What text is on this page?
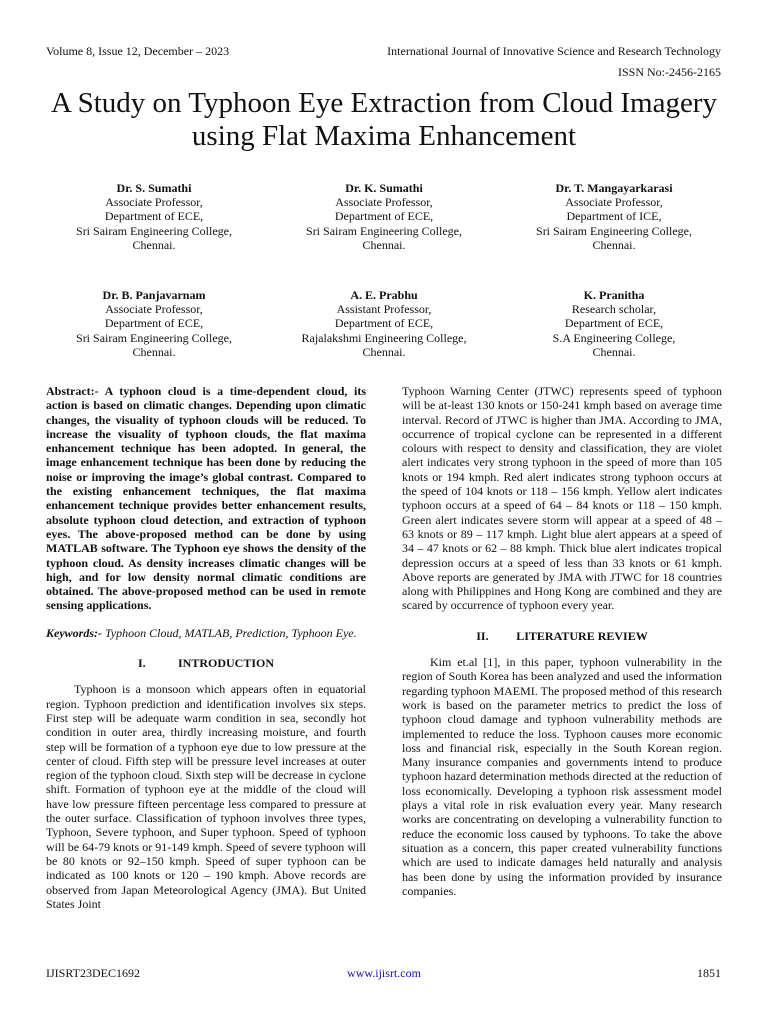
Volume 8, Issue 12, December – 2023	International Journal of Innovative Science and Research Technology
ISSN No:-2456-2165
A Study on Typhoon Eye Extraction from Cloud Imagery using Flat Maxima Enhancement
Dr. S. Sumathi
Associate Professor,
Department of ECE,
Sri Sairam Engineering College,
Chennai.
Dr. K. Sumathi
Associate Professor,
Department of ECE,
Sri Sairam Engineering College,
Chennai.
Dr. T. Mangayarkarasi
Associate Professor,
Department of ICE,
Sri Sairam Engineering College,
Chennai.
Dr. B. Panjavarnam
Associate Professor,
Department of ECE,
Sri Sairam Engineering College,
Chennai.
A. E. Prabhu
Assistant Professor,
Department of ECE,
Rajalakshmi Engineering College,
Chennai.
K. Pranitha
Research scholar,
Department of ECE,
S.A Engineering College,
Chennai.

Abstract:- A typhoon cloud is a time-dependent cloud, its action is based on climatic changes. Depending upon climatic changes, the visuality of typhoon clouds will be reduced. To increase the visuality of typhoon clouds, the flat maxima enhancement technique has been adopted. In general, the image enhancement technique has been done by reducing the noise or improving the image’s global contrast. Compared to the existing enhancement techniques, the flat maxima enhancement technique provides better enhancement results, absolute typhoon cloud detection, and extraction of typhoon eyes. The above-proposed method can be done by using MATLAB software. The Typhoon eye shows the density of the typhoon cloud. As density increases climatic changes will be high, and for low density normal climatic conditions are obtained. The above-proposed method can be used in remote sensing applications.

Keywords:- Typhoon Cloud, MATLAB, Prediction, Typhoon Eye.

I.	INTRODUCTION

Typhoon is a monsoon which appears often in equatorial region. Typhoon prediction and identification involves six steps. First step will be adequate warm condition in sea, secondly hot condition in outer area, thirdly increasing moisture, and fourth step will be formation of a typhoon eye due to low pressure at the center of cloud. Fifth step will be pressure level increases at outer region of the typhoon cloud. Sixth step will be decrease in cyclone shift. Formation of typhoon eye at the middle of the cloud will have low pressure fifteen percentage less compared to pressure at the outer surface. Classification of typhoon involves three types, Typhoon, Severe typhoon, and Super typhoon. Speed of typhoon will be 64-79 knots or 91-149 kmph. Speed of severe typhoon will be 80 knots or 92–150 kmph. Speed of super typhoon can be indicated as 100 knots or 120 – 190 kmph. Above records are observed from Japan Meteorological Agency (JMA). But United States Joint

Typhoon Warning Center (JTWC) represents speed of typhoon will be at-least 130 knots or 150-241 kmph based on average time interval. Record of JTWC is higher than JMA. According to JMA, occurrence of tropical cyclone can be represented in a different colours with respect to density and classification, they are violet alert indicates very strong typhoon in the speed of more than 105 knots or 194 kmph. Red alert indicates strong typhoon occurs at the speed of 104 knots or 118 – 156 kmph. Yellow alert indicates typhoon occurs at a speed of 64 – 84 knots or 118 – 150 kmph. Green alert indicates severe storm will appear at a speed of 48 – 63 knots or 89 – 117 kmph. Light blue alert appears at a speed of 34 – 47 knots or 62 – 88 kmph. Thick blue alert indicates tropical depression occurs at a speed of less than 33 knots or 61 kmph. Above reports are generated by JMA with JTWC for 18 countries along with Philippines and Hong Kong are combined and they are scared by occurrence of typhoon every year.

II. LITERATURE REVIEW

Kim et.al [1], in this paper, typhoon vulnerability in the region of South Korea has been analyzed and used the information regarding typhoon MAEMI. The proposed method of this research work is based on the parameter metrics to predict the loss of typhoon cloud damage and typhoon vulnerability methods are implemented to reduce the loss. Typhoon causes more economic loss and financial risk, especially in the South Korean region. Many insurance companies and governments intend to produce typhoon hazard determination methods directed at the reduction of loss economically. Developing a typhoon risk assessment model plays a vital role in risk evaluation every year. Many research works are concentrating on developing a vulnerability function to reduce the economic loss caused by typhoons. To take the above situation as a concern, this paper created vulnerability functions which are used to indicate damages held naturally and analysis has been done by using the information provided by insurance companies.

IJISRT23DEC1692	www.ijisrt.com	1851
